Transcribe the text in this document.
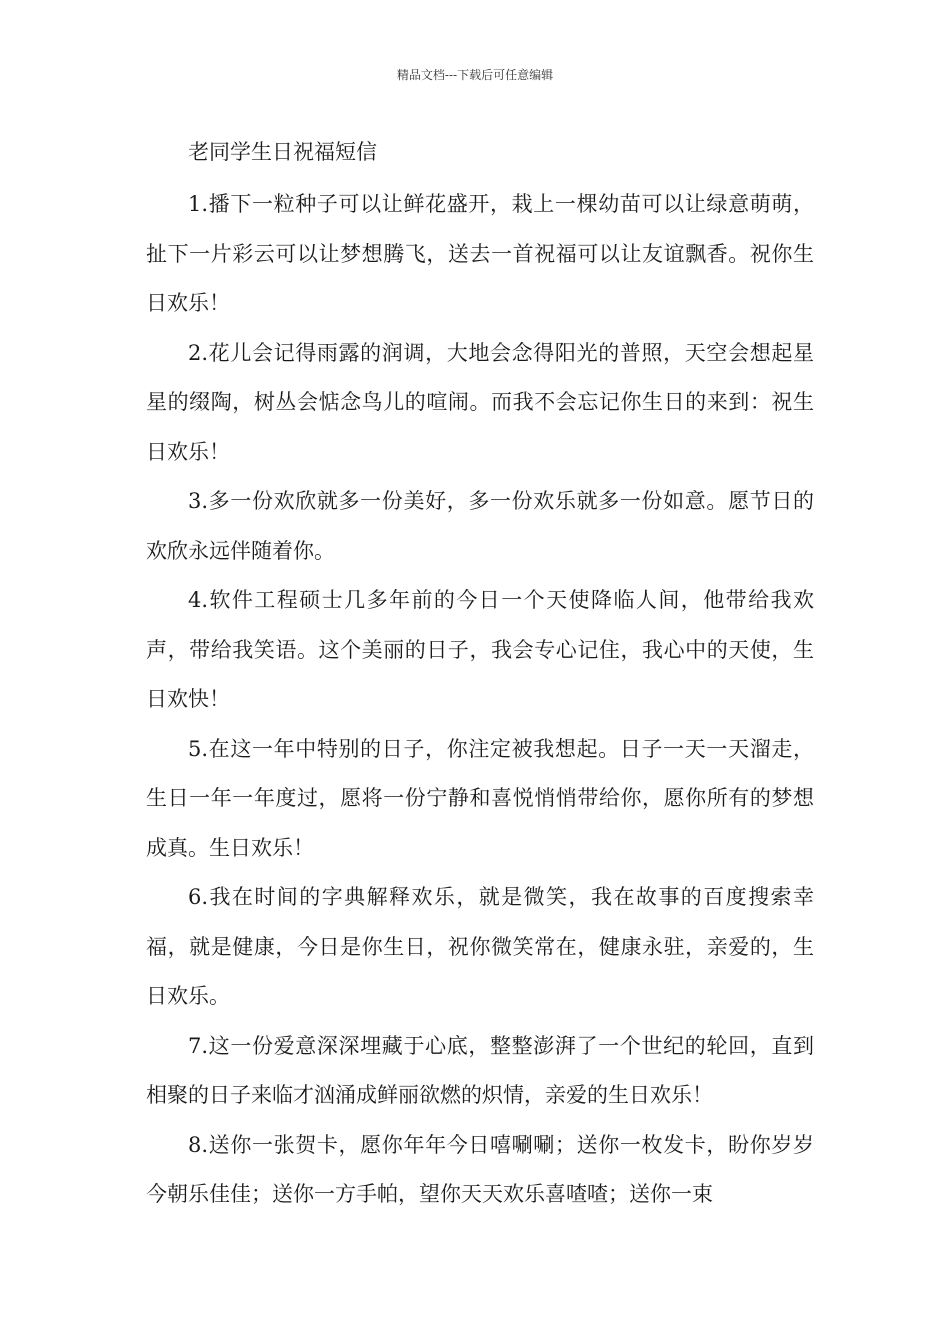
精品文档---下载后可任意编辑
老同学生日祝福短信

1.播下一粒种子可以让鲜花盛开，栽上一棵幼苗可以让绿意萌萌，扯下一片彩云可以让梦想腾飞，送去一首祝福可以让友谊飘香。祝你生日欢乐！

2.花儿会记得雨露的润调，大地会念得阳光的普照，天空会想起星星的缀陶，树丛会惦念鸟儿的喧闹。而我不会忘记你生日的来到：祝生日欢乐！

3.多一份欢欣就多一份美好，多一份欢乐就多一份如意。愿节日的欢欣永远伴随着你。

4.软件工程硕士几多年前的今日一个天使降临人间，他带给我欢声，带给我笑语。这个美丽的日子，我会专心记住，我心中的天使，生日欢快！

5.在这一年中特别的日子，你注定被我想起。日子一天一天溜走，生日一年一年度过，愿将一份宁静和喜悦悄悄带给你，愿你所有的梦想成真。生日欢乐！

6.我在时间的字典解释欢乐，就是微笑，我在故事的百度搜索幸福，就是健康，今日是你生日，祝你微笑常在，健康永驻，亲爱的，生日欢乐。

7.这一份爱意深深埋藏于心底，整整澎湃了一个世纪的轮回，直到相聚的日子来临才汹涌成鲜丽欲燃的炽情，亲爱的生日欢乐！

8.送你一张贺卡，愿你年年今日嘻唰唰；送你一枚发卡，盼你岁岁今朝乐佳佳；送你一方手帕，望你天天欢乐喜喳喳；送你一束
